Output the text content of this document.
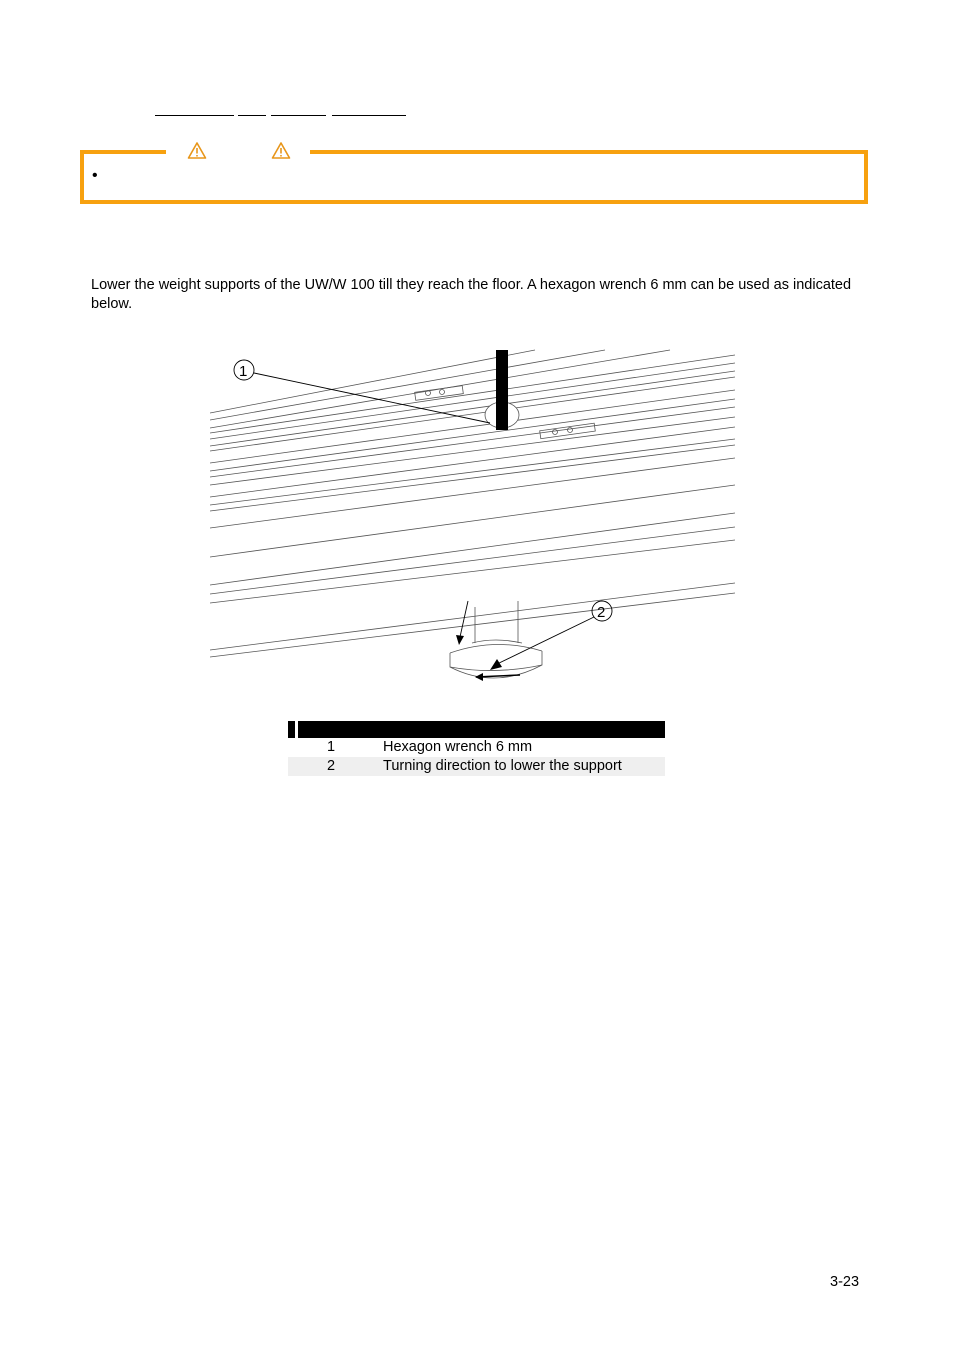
•
Lower the weight supports of the UW/W 100 till they reach the floor. A hexagon wrench 6 mm can be used as indicated below.
1
2
1	Hexagon wrench 6 mm
2	Turning direction to lower the support
3-23
